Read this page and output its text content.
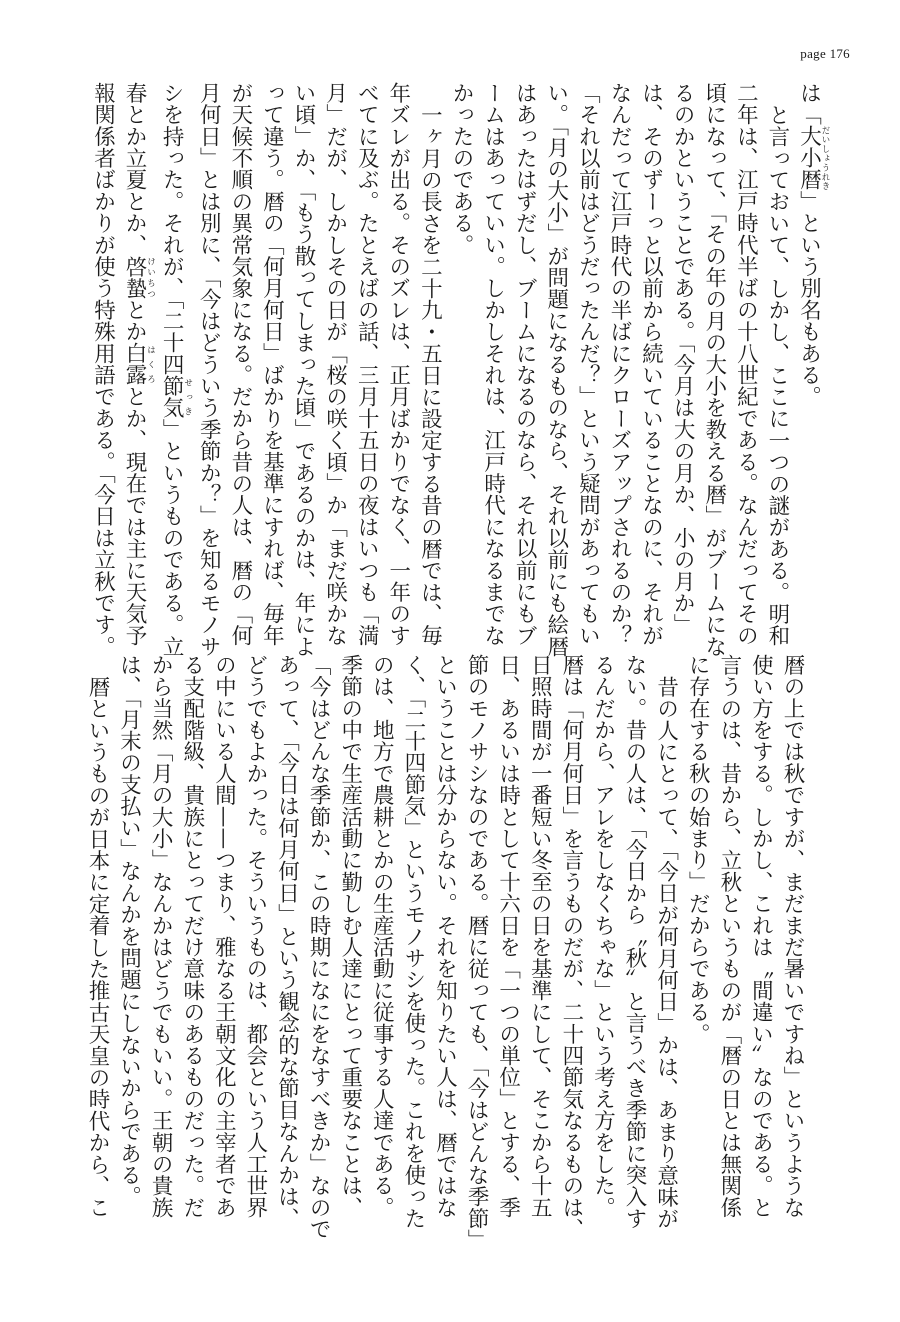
page 176
は「大小暦だいしょうれき」という別名もある。
と言っておいて、しかし、ここに一つの謎がある。明和
二年は、江戸時代半ばの十八世紀である。なんだってその
頃になって、「その年の月の大小を教える暦」がブームにな
るのかということである。「今月は大の月か、小の月か」
は、そのずーっと以前から続いていることなのに、それが
なんだって江戸時代の半ばにクローズアップされるのか？
「それ以前はどうだったんだ？」という疑問があってもい
い。「月の大小」が問題になるものなら、それ以前にも絵暦
はあったはずだし、ブームになるのなら、それ以前にもブ
ームはあっていい。しかしそれは、江戸時代になるまでな
かったのである。
一ヶ月の長さを二十九・五日に設定する昔の暦では、毎
年ズレが出る。そのズレは、正月ばかりでなく、一年のす
べてに及ぶ。たとえばの話、三月十五日の夜はいつも「満
月」だが、しかしその日が「桜の咲く頃」か「まだ咲かな
い頃」か、「もう散ってしまった頃」であるのかは、年によ
って違う。暦の「何月何日」ばかりを基準にすれば、毎年
が天候不順の異常気象になる。だから昔の人は、暦の「何
月何日」とは別に、「今はどういう季節か？」を知るモノサ
シを持った。それが、「二十四節気せっき」というものである。立
春とか立夏とか、啓蟄けいちつとか白露はくろとか、現在では主に天気予
報関係者ばかりが使う特殊用語である。「今日は立秋です。
暦の上では秋ですが、まだまだ暑いですね」というような
使い方をする。しかし、これは〝間違い〟なのである。と
言うのは、昔から、立秋というものが「暦の日とは無関係
に存在する秋の始まり」だからである。
昔の人にとって、「今日が何月何日」かは、あまり意味が
ない。昔の人は、「今日から〝秋〟と言うべき季節に突入す
るんだから、アレをしなくちゃな」という考え方をした。
暦は「何月何日」を言うものだが、二十四節気なるものは、
日照時間が一番短い冬至の日を基準にして、そこから十五
日、あるいは時として十六日を「一つの単位」とする、季
節のモノサシなのである。暦に従っても、「今はどんな季節」
ということは分からない。それを知りたい人は、暦ではな
く、「二十四節気」というモノサシを使った。これを使った
のは、地方で農耕とかの生産活動に従事する人達である。
季節の中で生産活動に勤しむ人達にとって重要なことは、
「今はどんな季節か、この時期になにをなすべきか」なので
あって、「今日は何月何日」という観念的な節目なんかは、
どうでもよかった。そういうものは、都会という人工世界
の中にいる人間——つまり、雅なる王朝文化の主宰者であ
る支配階級、貴族にとってだけ意味のあるものだった。だ
から当然「月の大小」なんかはどうでもいい。王朝の貴族
は、「月末の支払い」なんかを問題にしないからである。
暦というものが日本に定着した推古天皇の時代から、こ
